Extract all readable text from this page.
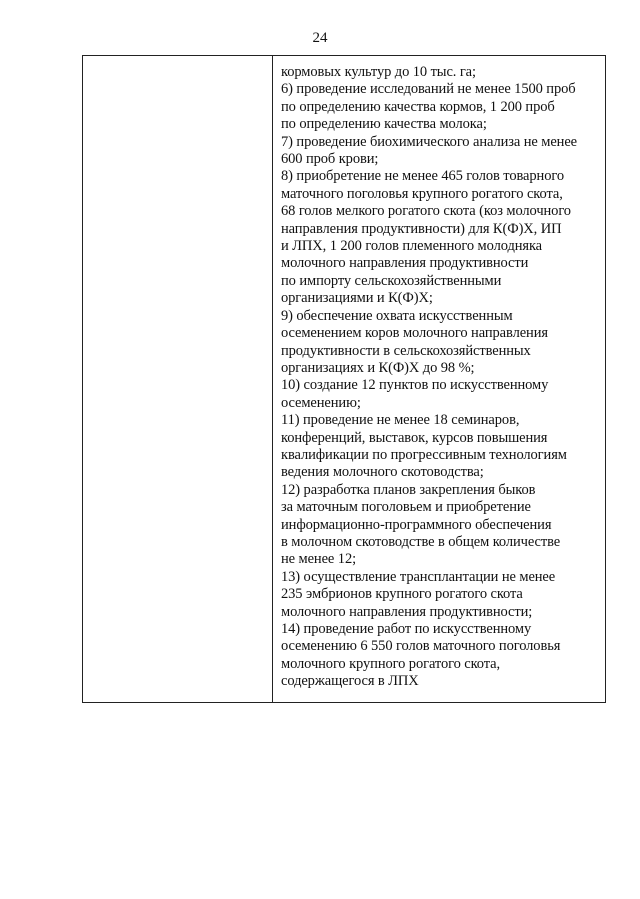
24
кормовых культур до 10 тыс. га;
6) проведение исследований не менее 1500 проб
по определению качества кормов, 1 200 проб
по определению качества молока;
7) проведение биохимического анализа не менее
600 проб крови;
8) приобретение не менее 465 голов товарного
маточного поголовья крупного рогатого скота,
68 голов мелкого рогатого скота (коз молочного
направления продуктивности) для К(Ф)Х, ИП
и ЛПХ, 1 200 голов племенного молодняка
молочного направления продуктивности
по импорту сельскохозяйственными
организациями и К(Ф)Х;
9) обеспечение охвата искусственным
осеменением коров молочного направления
продуктивности в сельскохозяйственных
организациях и К(Ф)Х до 98 %;
10) создание 12 пунктов по искусственному
осеменению;
11) проведение не менее 18 семинаров,
конференций, выставок, курсов повышения
квалификации по прогрессивным технологиям
ведения молочного скотоводства;
12) разработка планов закрепления быков
за маточным поголовьем и приобретение
информационно-программного обеспечения
в молочном скотоводстве в общем количестве
не менее 12;
13) осуществление трансплантации не менее
235 эмбрионов крупного рогатого скота
молочного направления продуктивности;
14) проведение работ по искусственному
осеменению 6 550 голов маточного поголовья
молочного крупного рогатого скота,
содержащегося в ЛПХ
